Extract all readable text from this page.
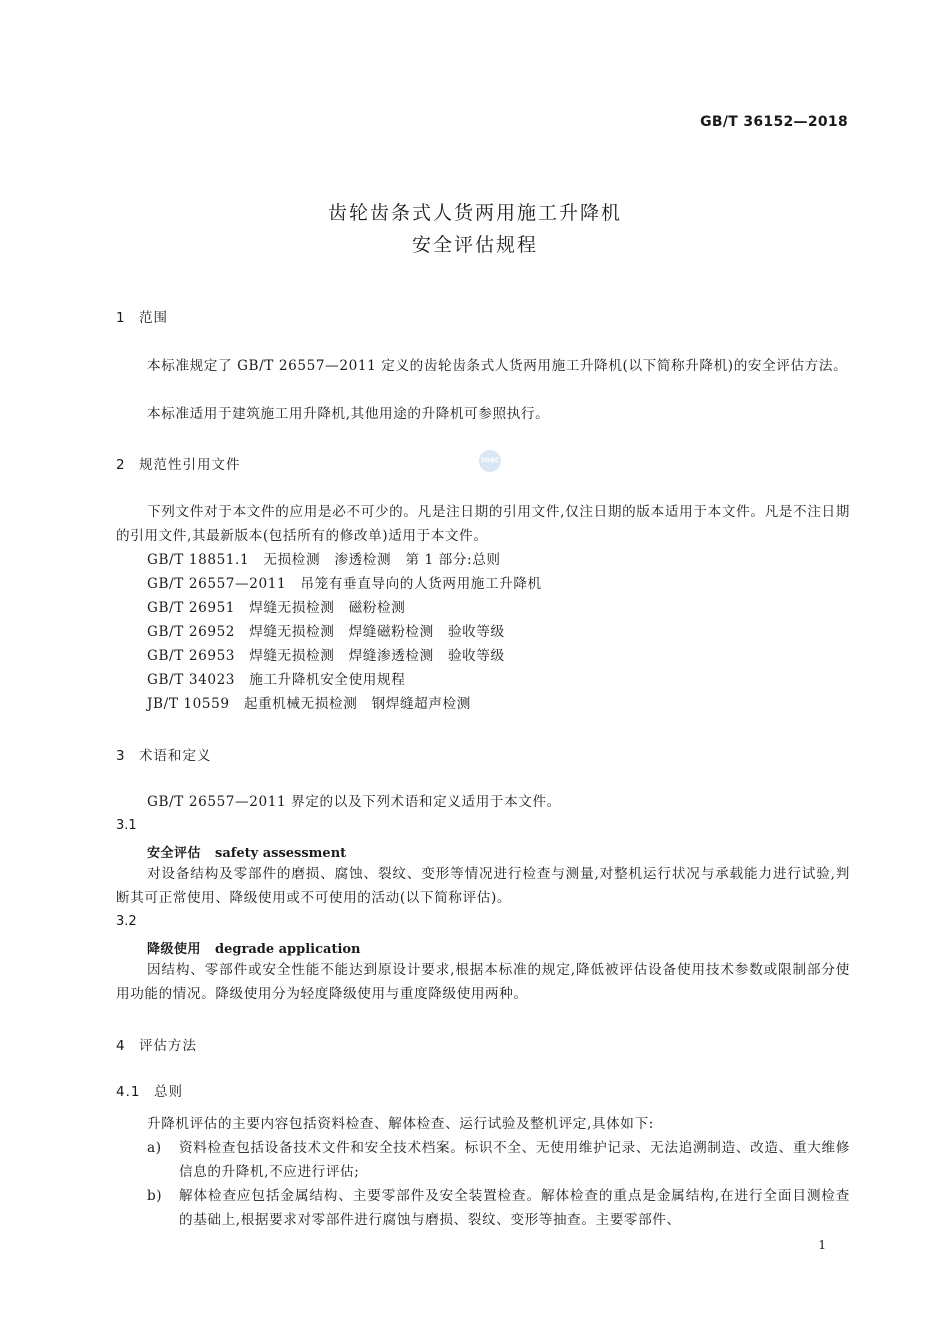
GB/T 36152—2018
齿轮齿条式人货两用施工升降机
安全评估规程
1 范围
本标准规定了 GB/T 26557—2011 定义的齿轮齿条式人货两用施工升降机(以下简称升降机)的安全评估方法。
本标准适用于建筑施工用升降机,其他用途的升降机可参照执行。
2 规范性引用文件	SDAC
下列文件对于本文件的应用是必不可少的。凡是注日期的引用文件,仅注日期的版本适用于本文件。凡是不注日期的引用文件,其最新版本(包括所有的修改单)适用于本文件。
GB/T 18851.1　无损检测　渗透检测　第 1 部分:总则
GB/T 26557—2011　吊笼有垂直导向的人货两用施工升降机
GB/T 26951　焊缝无损检测　磁粉检测
GB/T 26952　焊缝无损检测　焊缝磁粉检测　验收等级
GB/T 26953　焊缝无损检测　焊缝渗透检测　验收等级
GB/T 34023　施工升降机安全使用规程
JB/T 10559　起重机械无损检测　钢焊缝超声检测
3 术语和定义
GB/T 26557—2011 界定的以及下列术语和定义适用于本文件。
3.1
安全评估 safety assessment
对设备结构及零部件的磨损、腐蚀、裂纹、变形等情况进行检查与测量,对整机运行状况与承载能力进行试验,判断其可正常使用、降级使用或不可使用的活动(以下简称评估)。
3.2
降级使用 degrade application
因结构、零部件或安全性能不能达到原设计要求,根据本标准的规定,降低被评估设备使用技术参数或限制部分使用功能的情况。降级使用分为轻度降级使用与重度降级使用两种。
4 评估方法
4.1 总则
升降机评估的主要内容包括资料检查、解体检查、运行试验及整机评定,具体如下:
a) 资料检查包括设备技术文件和安全技术档案。标识不全、无使用维护记录、无法追溯制造、改造、重大维修信息的升降机,不应进行评估;
b) 解体检查应包括金属结构、主要零部件及安全装置检查。解体检查的重点是金属结构,在进行全面目测检查的基础上,根据要求对零部件进行腐蚀与磨损、裂纹、变形等抽查。主要零部件、
1
